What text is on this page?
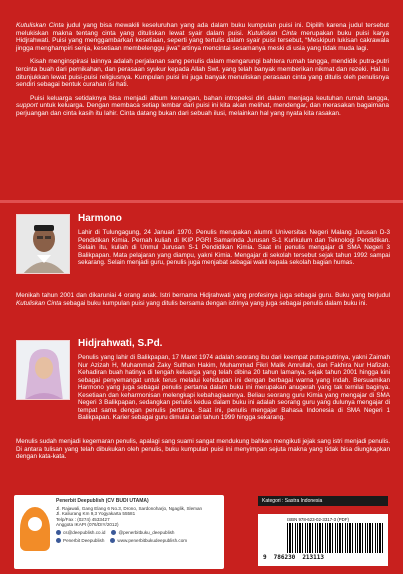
Kutuliskan Cinta judul yang bisa mewakili keseluruhan yang ada dalam buku kumpulan puisi ini. Dipilih karena judul tersebut melukiskan makna tentang cinta yang dituliskan lewat syair dalam puisi. Kutuliskan Cinta merupakan buku puisi karya Hidjrahwati. Puisi yang menggambarkan kesetiaan, seperti yang tertulis dalam syair puisi tersebut, “Meskipun lukisan cakrawala jingga menghampiri senja, kesetiaan membelenggu jiwa” artinya mencintai sesamanya meski di usia yang tidak muda lagi.

Kisah menginspirasi lainnya adalah perjalanan sang penulis dalam mengarungi bahtera rumah tangga, mendidik putra-putri tercinta buah dari pernikahan, dan perasaan syukur kepada Allah Swt. yang telah banyak memberikan nikmat dan rezeki. Hal itu ditunjukkan lewat puisi-puisi religiusnya. Kumpulan puisi ini juga banyak menuliskan perasaan cinta yang ditulis oleh penulisnya sendiri sebagai bentuk curahan isi hati.

Puisi keluarga setidaknya bisa menjadi album kenangan, bahan intropeksi diri dalam menjaga keutuhan rumah tangga, support untuk keluarga. Dengan membaca setiap lembar dari puisi ini kita akan melihat, mendengar, dan merasakan bagaimana perjuangan dan cinta kasih itu lahir. Cinta datang bukan dari sebuah ilusi, melainkan hal yang nyata kita rasakan.

Harmono
Lahir di Tulungagung, 24 Januari 1970. Penulis merupakan alumni Universitas Negeri Malang Jurusan D-3 Pendidikan Kimia. Pernah kuliah di IKIP PGRI Samarinda Jurusan S-1 Kurikulum dan Teknologi Pendidikan. Selain itu, kuliah di Unmul Jurusan S-1 Pendidikan Kimia. Saat ini penulis mengajar di SMA Negeri 3 Balikpapan. Mata pelajaran yang diampu, yakni Kimia. Mengajar di sekolah tersebut sejak tahun 1992 sampai sekarang. Selain menjadi guru, penulis juga menjabat sebagai wakil kepala sekolah bagian humas.
Menikah tahun 2001 dan dikaruniai 4 orang anak. Istri bernama Hidjrahwati yang profesinya juga sebagai guru. Buku yang berjudul Kutuliskan Cinta sebagai buku kumpulan puisi yang ditulis bersama dengan istrinya yang juga sebagai penulis dalam buku ini.
Hidjrahwati, S.Pd.
Penulis yang lahir di Balikpapan, 17 Maret 1974 adalah seorang ibu dari keempat putra-putrinya, yakni Zaimah Nur Azizah H, Muhammad Zaky Sulthan Hakim, Muhammad Fikri Malik Amrullah, dan Fakhira Nur Hafizah. Kehadiran buah hatinya di tengah keluarga yang telah dibina 20 tahun lamanya, sejak tahun 2001 hingga kini sebagai penyemangat untuk terus melalui kehidupan ini dengan berbagai warna yang indah. Bersuamikan Harmono yang juga sebagai penulis pertama dalam buku ini merupakan anugerah yang tak ternilai baginya. Kesetiaan dan keharmonisan melengkapi kebahagiaannya. Beliau seorang guru Kimia yang mengajar di SMA Negeri 3 Balikpapan, sedangkan penulis kedua dalam buku ini adalah seorang guru yang dulunya mengajar di tempat sama dengan penulis pertama. Saat ini, penulis mengajar Bahasa Indonesia di SMA Negeri 1 Balikpapan. Karier sebagai guru dimulai dari tahun 1999 hingga sekarang.
Menulis sudah menjadi kegemaran penulis, apalagi sang suami sangat mendukung bahkan mengikuti jejak sang istri menjadi penulis. Di antara tulisan yang telah dibukukan oleh penulis, buku kumpulan puisi ini menyimpan sejuta makna yang tidak bisa diungkapkan dengan kata-kata.
Penerbit Deepublish (CV BUDI UTAMA)
Jl. Rajawali, Gang Elang 6 No.3, Drono, Sardonoharjo, Ngaglik, Sleman
Jl. Kaliurang Km 9,3 Yogyakarta 55581
Telp/Fax : (0274) 4533427
Anggota IKAPI (076/DIY/2012)
cs@deepublish.co.id	@penerbitbuku_deepublish
Penerbit Deepublish	www.penerbitbukudeepublish.com
Kategori : Sastra Indonesia
ISBN 978-623-02-3317-3 (PDF)
9 786230 213113
